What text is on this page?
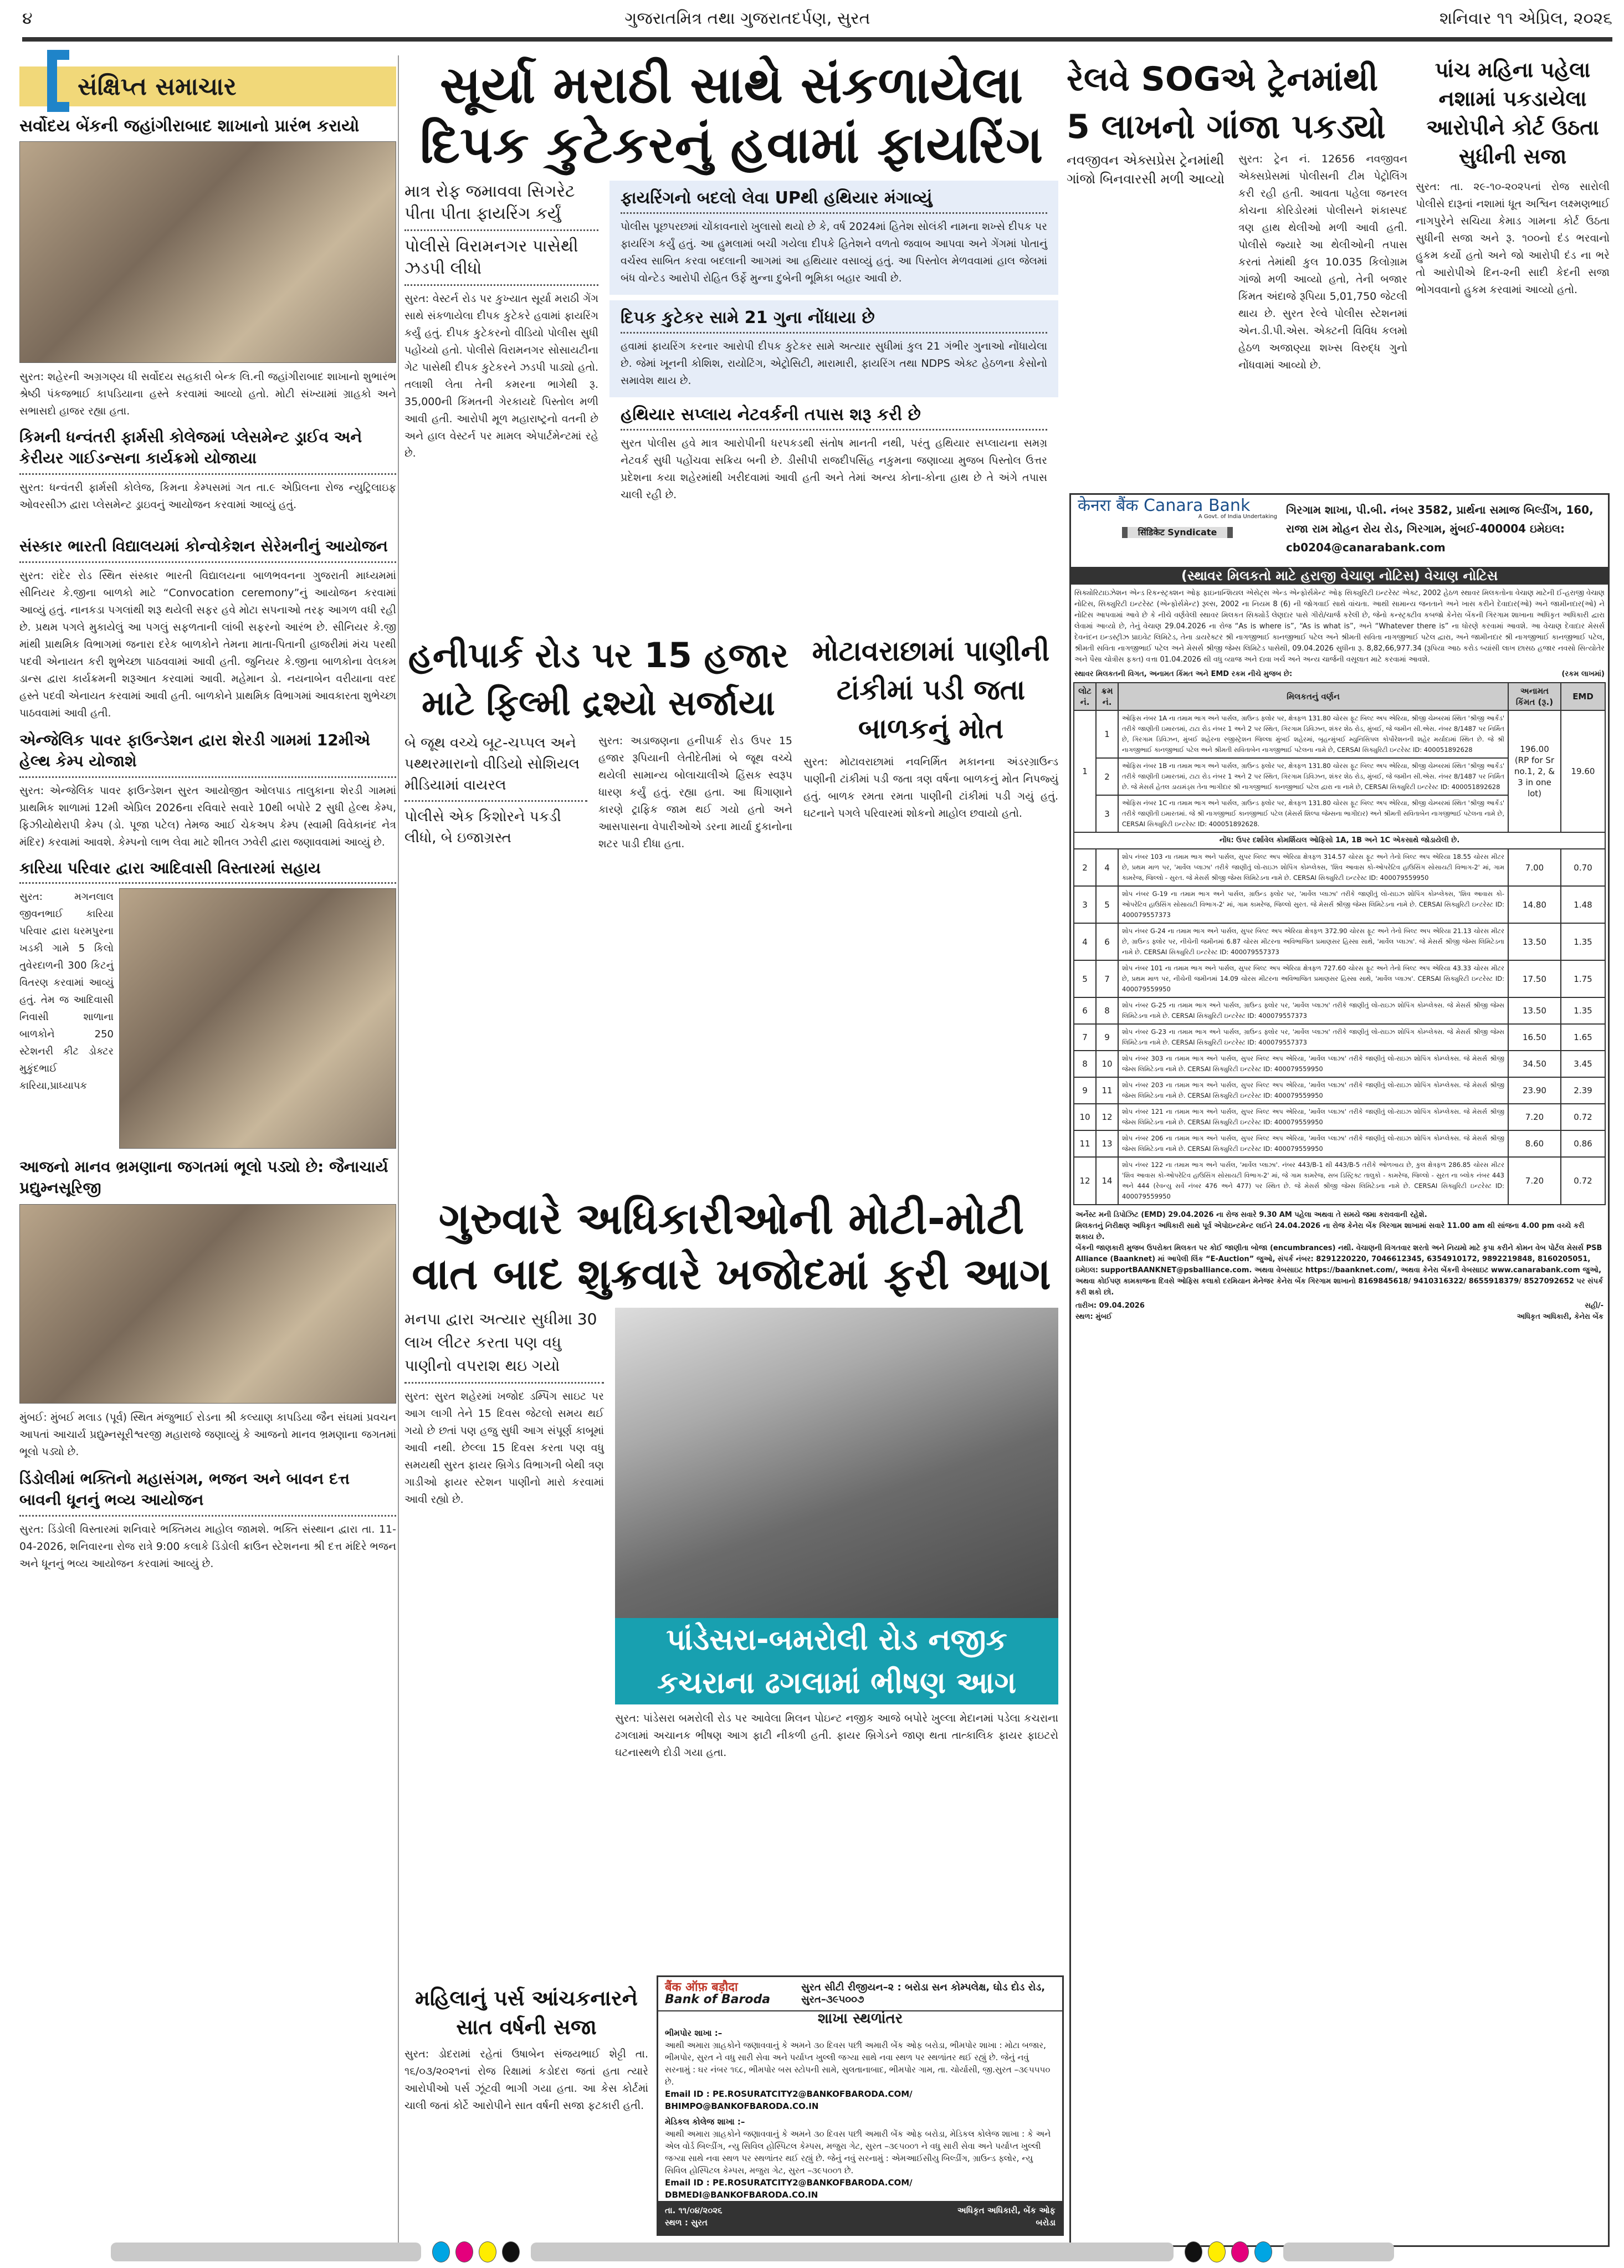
૪	ગુજરાતમિત્ર તથા ગુજરાતદર્પણ, સુરત	શનિવાર ૧૧ એપ્રિલ, ૨૦૨૬
સંક્ષિપ્ત સમાચાર
સર્વોદય બેંકની જહાંગીરાબાદ શાખાનો પ્રારંભ કરાયો

સુરત: શહેરની અગ્રગણ્ય ધી સર્વોદય સહકારી બેન્ક લિ.ની જહાંગીરાબાદ શાખાનો શુભારંભ શ્રેષ્ઠી પંકજભાઈ કાપડિયાના હસ્તે કરવામાં આવ્યો હતો. મોટી સંખ્યામાં ગ્રાહકો અને સભાસદો હાજર રહ્યા હતા.

કિમની ધન્વંતરી ફાર્મસી કોલેજમાં પ્લેસમેન્ટ ડ્રાઈવ અને કેરીયર ગાઈડન્સના કાર્યક્રમો યોજાયા

સુરત: ધન્વંતરી ફાર્મસી કોલેજ, કિમના કેમ્પસમાં ગત તા.૯ એપ્રિલના રોજ ન્યુટ્રિલાઇફ ઓવરસીઝ દ્વારા પ્લેસમેન્ટ ડ્રાઇવનું આયોજન કરવામાં આવ્યું હતું.

સંસ્કાર ભારતી વિદ્યાલયમાં કોન્વોકેશન સેરેમનીનું આયોજન

સુરત: રાંદેર રોડ સ્થિત સંસ્કાર ભારતી વિદ્યાલયના બાળભવનના ગુજરાતી માધ્યમમાં સીનિયર કે.જીના બાળકો માટે “Convocation ceremony”નું આયોજન કરવામાં આવ્યું હતું. નાનકડા પગલાંથી શરૂ થયેલી સફર હવે મોટા સપનાઓ તરફ આગળ વધી રહી છે. પ્રથમ પગલે મુકાયેલું આ પગલું સફળતાની લાંબી સફરનો આરંભ છે. સીનિયર કે.જી માંથી પ્રાથમિક વિભાગમાં જનારા દરેક બાળકોને તેમના માતા-પિતાની હાજરીમાં મંચ પરથી પદવી એનાયત કરી શુભેચ્છા પાઠવવામાં આવી હતી. જુનિયર કે.જીના બાળકોના વેલકમ ડાન્સ દ્વારા કાર્યક્રમની શરૂઆત કરવામાં આવી. મહેમાન ડો. નયનાબેન વરીયાના વરદ હસ્તે પદવી એનાયત કરવામાં આવી હતી. બાળકોને પ્રાથમિક વિભાગમાં આવકારતા શુભેચ્છા પાઠવવામાં આવી હતી.

એન્જેલિક પાવર ફાઉન્ડેશન દ્વારા શેરડી ગામમાં 12મીએ હેલ્થ કેમ્પ યોજાશે

સુરત: એન્જેલિક પાવર ફાઉન્ડેશન સુરત આયોજીત ઓલપાડ તાલુકાના શેરડી ગામમાં પ્રાથમિક શાળામાં 12મી એપ્રિલ 2026ના રવિવારે સવારે 10થી બપોરે 2 સુધી હેલ્થ કેમ્પ, ફિઝીયોથેરાપી કેમ્પ (ડો. પૂજા પટેલ) તેમજ આઈ ચેકઅપ કેમ્પ (સ્વામી વિવેકાનંદ નેત્ર મંદિર) કરવામાં આવશે. કેમ્પનો લાભ લેવા માટે શીતલ ઝવેરી દ્વારા જણાવવામાં આવ્યું છે.

કારિયા પરિવાર દ્વારા આદિવાસી વિસ્તારમાં સહાય

સુરત: મગનલાલ જીવનભાઈ કારિયા પરિવાર દ્વારા ધરમપુરના ખડકી ગામે 5 કિલો તુવેરદાળની 300 કિટનું વિતરણ કરવામાં આવ્યું હતું. તેમ જ આદિવાસી નિવાસી શાળાના બાળકોને 250 સ્ટેશનરી કીટ ડોક્ટર મુકુંદભાઈ કારિયા,પ્રાધ્યાપક

આજનો માનવ ભ્રમણાના જગતમાં ભૂલો પડ્યો છે: જૈનાચાર્ય પ્રદ્યુમ્નસૂરિજી

મુંબઈ: મુંબઈ મલાડ (પૂર્વ) સ્થિત મંજુભાઈ રોડના શ્રી કલ્યાણ કાપડિયા જૈન સંઘમાં પ્રવચન આપતાં આચાર્ય પ્રદ્યુમ્નસૂરીશ્વરજી મહારાજે જણાવ્યું કે આજનો માનવ ભ્રમણાના જગતમાં ભૂલો પડ્યો છે.

ડિંડોલીમાં ભક્તિનો મહાસંગમ, ભજન અને બાવન દત્ત બાવની ધૂનનું ભવ્ય આયોજન

સુરત: ડિંડોલી વિસ્તારમાં શનિવારે ભક્તિમય માહોલ જામશે. ભક્તિ સંસ્થાન દ્વારા તા. 11-04-2026, શનિવારના રોજ રાત્રે 9:00 કલાકે ડિંડોલી ક્રાઉન સ્ટેશનના શ્રી દત્ત મંદિરે ભજન અને ધૂનનું ભવ્ય આયોજન કરવામાં આવ્યું છે.

સૂર્યા મરાઠી સાથે સંકળાયેલા
દિપક કુટેકરનું હવામાં ફાયરિંગ
માત્ર રોફ જમાવવા સિગરેટ પીતા પીતા ફાયરિંગ કર્યું
પોલીસે વિરામનગર પાસેથી ઝડપી લીધો

સુરત: વેસ્ટર્ન રોડ પર કુખ્યાત સૂર્યા મરાઠી ગેંગ સાથે સંકળાયેલા દીપક કુટેકરે હવામાં ફાયરિંગ કર્યું હતું. દીપક કુટેકરનો વીડિયો પોલીસ સુધી પહોંચ્યો હતો. પોલીસે વિરામનગર સોસાયટીના ગેટ પાસેથી દીપક કુટેકરને ઝડપી પાડ્યો હતો. તલાશી લેતા તેની કમરના ભાગેથી રૂ. 35,000ની કિંમતની ગેરકાયદે પિસ્તોલ મળી આવી હતી. આરોપી મૂળ મહારાષ્ટ્રનો વતની છે અને હાલ વેસ્ટર્ન પર મામલ એપાર્ટમેન્ટમાં રહે છે.

ફાયરિંગનો બદલો લેવા UPથી હથિયાર મંગાવ્યું

પોલીસ પૂછપરછમાં ચોંકાવનારો ખુલાસો થયો છે કે, વર્ષ 2024માં હિતેશ સોલંકી નામના શખ્સે દીપક પર ફાયરિંગ કર્યું હતું. આ હુમલામાં બચી ગયેલા દીપકે હિતેશને વળતો જવાબ આપવા અને ગેંગમાં પોતાનું વર્ચસ્વ સાબિત કરવા બદલાની આગમાં આ હથિયાર વસાવ્યું હતું. આ પિસ્તોલ મેળવવામાં હાલ જેલમાં બંધ વોન્ટેડ આરોપી રોહિત ઉર્ફે મુન્ના દુબેની ભૂમિકા બહાર આવી છે.

દિપક કુટેકર સામે 21 ગુના નોંધાયા છે

હવામાં ફાયરિંગ કરનાર આરોપી દીપક કુટેકર સામે અત્યાર સુધીમાં કુલ 21 ગંભીર ગુનાઓ નોંધાયેલા છે. જેમાં ખૂનની કોશિશ, રાયોટિંગ, એટ્રોસિટી, મારામારી, ફાયરિંગ તથા NDPS એક્ટ હેઠળના કેસોનો સમાવેશ થાય છે.

હથિયાર સપ્લાય નેટવર્કની તપાસ શરૂ કરી છે

સુરત પોલીસ હવે માત્ર આરોપીની ધરપકડથી સંતોષ માનતી નથી, પરંતુ હથિયાર સપ્લાયના સમગ્ર નેટવર્ક સુધી પહોંચવા સક્રિય બની છે. ડીસીપી રાજદીપસિંહ નકુમના જણાવ્યા મુજબ પિસ્તોલ ઉત્તર પ્રદેશના કયા શહેરમાંથી ખરીદવામાં આવી હતી અને તેમાં અન્ય કોના-કોના હાથ છે તે અંગે તપાસ ચાલી રહી છે.

રેલવે SOGએ ટ્રેનમાંથી
5 લાખનો ગાંજા પકડ્યો
નવજીવન એક્સપ્રેસ ટ્રેનમાંથી ગાંજો બિનવારસી મળી આવ્યો

સુરત: ટ્રેન નં. 12656 નવજીવન એક્સપ્રેસમાં પોલીસની ટીમ પેટ્રોલિંગ કરી રહી હતી. આવતા પહેલા જનરલ કોચના કોરિડોરમાં પોલીસને શંકાસ્પદ ત્રણ હાથ થેલીઓ મળી આવી હતી. પોલીસે જ્યારે આ થેલીઓની તપાસ કરતાં તેમાંથી કુલ 10.035 કિલોગ્રામ ગાંજો મળી આવ્યો હતો, તેની બજાર કિંમત અંદાજે રૂપિયા 5,01,750 જેટલી થાય છે. સુરત રેલ્વે પોલીસ સ્ટેશનમાં એન.ડી.પી.એસ. એક્ટની વિવિધ કલમો હેઠળ અજાણ્યા શખ્સ વિરુદ્ધ ગુનો નોંધવામાં આવ્યો છે.

પાંચ મહિના પહેલા નશામાં પકડાયેલા આરોપીને કોર્ટ ઉઠતા સુધીની સજા

સુરત: તા. ૨૯-૧૦-૨૦૨૫નાં રોજ સારોલી પોલીસે દારૂનાં નશામાં ધૂત અશ્વિન લક્ષ્મણભાઈ નાગપુરેને સચિયા કેમાડ ગામના કોર્ટ ઉઠતા સુધીની સજા અને રૂ. ૧૦૦નો દંડ ભરવાનો હુકમ કર્યો હતો અને જો આરોપી દંડ ના ભરે તો આરોપીએ દિન-૨ની સાદી કેદની સજા ભોગવવાનો હુકમ કરવામાં આવ્યો હતો.

હનીપાર્ક રોડ પર 15 હજાર માટે ફિલ્મી દ્રશ્યો સર્જાયા
બે જૂથ વચ્ચે બૂટ-ચપ્પલ અને પથ્થરમારાનો વીડિયો સોશિયલ મીડિયામાં વાયરલ
પોલીસે એક કિશોરને પકડી લીધો, બે ઇજાગ્રસ્ત

સુરત: અડાજણના હનીપાર્ક રોડ ઉપર 15 હજાર રૂપિયાની લેતીદેતીમાં બે જૂથ વચ્ચે થયેલી સામાન્ય બોલાચાલીએ હિંસક સ્વરૂપ ધારણ કર્યું હતું. રહ્યા હતા. આ ધિંગાણાને કારણે ટ્રાફિક જામ થઈ ગયો હતો અને આસપાસના વેપારીઓએ ડરના માર્યા દુકાનોના શટર પાડી દીધા હતા.

મોટાવરાછામાં પાણીની ટાંકીમાં પડી જતા બાળકનું મોત

સુરત: મોટાવરાછામાં નવનિર્મિત મકાનના અંડરગ્રાઉન્ડ પાણીની ટાંકીમાં પડી જતા ત્રણ વર્ષના બાળકનું મોત નિપજ્યું હતું. બાળક રમતા રમતા પાણીની ટાંકીમાં પડી ગયું હતું. ઘટનાને પગલે પરિવારમાં શોકનો માહોલ છવાયો હતો.

ગુરુવારે અધિકારીઓની મોટી-મોટી
વાત બાદ શુક્રવારે ખજોદમાં ફરી આગ
મનપા દ્વારા અત્યાર સુધીમા 30 લાખ લીટર કરતા પણ વધુ પાણીનો વપરાશ થઇ ગયો

સુરત: સુરત શહેરમાં ખજોદ ડમ્પિંગ સાઇટ પર આગ લાગી તેને 15 દિવસ જેટલો સમય થઈ ગયો છે છતાં પણ હજુ સુધી આગ સંપૂર્ણ કાબૂમાં આવી નથી. છેલ્લા 15 દિવસ કરતા પણ વધુ સમયથી સુરત ફાયર બ્રિગેડ વિભાગની બેથી ત્રણ ગાડીઓ ફાયર સ્ટેશન પાણીનો મારો કરવામાં આવી રહ્યો છે.

પાંડેસરા-બમરોલી રોડ નજીક
કચરાના ઢગલામાં ભીષણ આગ

સુરત: પાંડેસરા બમરોલી રોડ પર આવેલા મિલન પોઇન્ટ નજીક આજે બપોરે ખુલ્લા મેદાનમાં પડેલા કચરાના ઢગલામાં અચાનક ભીષણ આગ ફાટી નીકળી હતી. ફાયર બ્રિગેડને જાણ થતા તાત્કાલિક ફાયર ફાઇટરો ઘટનાસ્થળે દોડી ગયા હતા.

મહિલાનું પર્સ આંચકનારને સાત વર્ષની સજા

સુરત: ડોદરામાં રહેતાં ઉષાબેન સંજયભાઈ શેટ્ટી તા. ૧૬/૦૩/૨૦૨૧નાં રોજ રિક્ષામાં કડોદરા જતાં હતા ત્યારે આરોપીઓ પર્સ ઝૂંટવી ભાગી ગયા હતા. આ કેસ કોર્ટમાં ચાલી જતાં કોર્ટે આરોપીને સાત વર્ષની સજા ફટકારી હતી.

बैंक ऑफ़ बड़ौदा
Bank of Baroda
સુરત સીટી રીજીયન–૨ : બરોડા સન કોમ્પલેક્ષ, ઘોડ દોડ રોડ, સુરત–૩૯૫૦૦૭
શાખા સ્થળાંતર
ભીમપોર શાખા :–
આથી અમારા ગ્રાહકોને જણાવવાનું કે અમને ૩૦ દિવસ પછી અમારી બેંક ઓફ બરોડા, ભીમપોર શાખા : મોટા બજાર, ભીમપોર, સુરત ને વધુ સારી સેવા અને પર્યાપ્ત ખુલ્લી જગ્યા સાથે નવા સ્થળ પર સ્થળાંતર થઈ રહ્યું છે. જેનું નવું સરનામું : ઘર નંબર ૧૬૮, ભીમપોર બસ સ્ટોપની સામે, સુલતાનાબાદ, ભીમપોર ગામ, તા. ચોર્યાસી, જી.સુરત –૩૯૫૫૫૦ છે.
Email ID : PE.ROSURATCITY2@BANKOFBARODA.COM/ BHIMPO@BANKOFBARODA.CO.IN
મેડિકલ કોલેજ શાખા :–
આથી અમારા ગ્રાહકોને જણાવવાનું કે અમને ૩૦ દિવસ પછી અમારી બેંક ઓફ બરોડા, મેડિકલ કોલેજ શાખા : કે અને એલ વોર્ડ બિલ્ડીંગ, ન્યુ સિવિલ હોસ્પિટલ કેમ્પસ, મજુરા ગેટ, સુરત –૩૯૫૦૦૧ ને વધુ સારી સેવા અને પર્યાપ્ત ખુલ્લી જગ્યા સાથે નવા સ્થળ પર સ્થળાંતર થઈ રહ્યું છે. જેનું નવું સરનામું : એમઆઈસીયુ બિલ્ડીંગ, ગ્રાઉન્ડ ફ્લોર, ન્યુ સિવિલ હોસ્પિટલ કેમ્પસ, મજુરા ગેટ, સુરત –૩૯૫૦૦૧ છે.
Email ID : PE.ROSURATCITY2@BANKOFBARODA.COM/ DBMEDI@BANKOFBARODA.CO.IN
તા. ૧૧/૦૪/૨૦૨૬
સ્થળ : સુરત
અધિકૃત અધિકારી, બેંક ઓફ બરોડા
केनरा बैंक Canara Bank
A Govt. of India Undertaking
सिंडिकेट Syndicate
ગિરગામ શાખા, પી.બી. નંબર 3582, પ્રાર્થના સમાજ બિલ્ડીંગ, 160, રાજા રામ મોહન રોય રોડ, ગિરગામ, મુંબઈ-400004 ઇમેઇલ: cb0204@canarabank.com
(સ્થાવર મિલકતો માટે હરાજી વેચાણ નોટિસ) વેચાણ નોટિસ
સિક્યોરિટાઇઝેશન એન્ડ રિકન્સ્ટ્રક્શન ઓફ ફાઇનાન્શિયલ એસેટ્સ એન્ડ એન્ફોર્સમેન્ટ ઓફ સિક્યુરિટી ઇન્ટરેસ્ટ એક્ટ, 2002 હેઠળ સ્થાવર મિલકતોના વેચાણ માટેની ઈ-હરાજી વેચાણ નોટિસ, સિક્યુરિટી ઇન્ટરેસ્ટ (એન્ફોર્સમેન્ટ) રૂલ્સ, 2002 ના નિયમ 8 (6) ની જોગવાઈ સાથે વાંચતા. આથી સામાન્ય જનતાને અને ખાસ કરીને દેવાદાર(ઓ) અને જામીનદાર(ઓ) ને નોટિસ આપવામાં આવે છે કે નીચે વર્ણવેલી સ્થાવર મિલકત સિક્યોર્ડ લેણદાર પાસે ગીરો/ચાર્જ કરેલી છે, જેનો કન્સ્ટ્રક્ટીવ કબજો કેનેરા બેંકની ગિરગામ શાખાના અધિકૃત અધિકારી દ્વારા લેવામાં આવ્યો છે, તેનું વેચાણ 29.04.2026 ના રોજ “As is where is”, “As is what is”, અને “Whatever there is” ના ધોરણે કરવામાં આવશે. આ વેચાણ દેવાદાર મેસર્સ દેવનંદન ઇન્ડસ્ટ્રીઝ પ્રાઇવેટ લિમિટેડ, તેના ડાયરેક્ટર શ્રી નાગજીભાઈ કાનજીભાઈ પટેલ અને શ્રીમતી સવિતા નાગજીભાઈ પટેલ દ્વારા, અને જામીનદાર શ્રી નાગજીભાઈ કાનજીભાઈ પટેલ, શ્રીમતી સવિતા નાગજીભાઈ પટેલ અને મેસર્સ શ્રીજી જેમ્સ લિમિટેડ પાસેથી, 09.04.2026 સુધીના રૂ. 8,82,66,977.34 (રૂપિયા આઠ કરોડ બ્યાંસી લાખ છાસઠ હજાર નવસો સિત્યોતેર અને પૈસા ચોત્રીસ ફક્ત) વત્તા 01.04.2026 થી વધુ વ્યાજ અને દાવા ખર્ચ અને અન્ય ચાર્જની વસૂલાત માટે કરવામાં આવશે.
સ્થાવર મિલકતની વિગત, અનામત કિંમત અને EMD રકમ નીચે મુજબ છે:	(રકમ લાખમાં)
લોટ નં.	ક્રમ નં.	મિલકતનું વર્ણન	અનામત કિંમત (રૂ.)	EMD
1	1	ઓફિસ નંબર 1A ના તમામ ભાગ અને પાર્સલ, ગ્રાઉન્ડ ફ્લોર પર, ક્ષેત્રફળ 131.80 ચોરસ ફૂટ બિલ્ટ અપ એરિયા, શ્રીજી ચેમ્બરમાં સ્થિત 'શ્રીજી આર્કેડ' તરીકે જાણીતી ઇમારતમાં, ટાટા રોડ નંબર 1 અને 2 પર સ્થિત, ગિરગામ ડિવિઝન, શંકર શેઠ રોડ, મુંબઈ, જે જમીન સી.એસ. નંબર 8/1487 પર નિર્મિત છે, ગિરગામ ડિવિઝન, મુંબઈ શહેરના રજીસ્ટ્રેશન જિલ્લા મુંબઈ શહેરમાં, બૃહન્મુંબઈ મ્યુનિસિપલ કોર્પોરેશનની શહેર મર્યાદામાં સ્થિત છે. જે શ્રી નાગજીભાઈ કાનજીભાઈ પટેલ અને શ્રીમતી સવિતાબેન નાગજીભાઈ પટેલના નામે છે, CERSAI સિક્યુરિટી ઇન્ટરેસ્ટ ID: 400051892628	196.00 (RP for Sr no.1, 2, & 3 in one lot)	19.60
	2	ઓફિસ નંબર 1B ના તમામ ભાગ અને પાર્સલ, ગ્રાઉન્ડ ફ્લોર પર, ક્ષેત્રફળ 131.80 ચોરસ ફૂટ બિલ્ટ અપ એરિયા, શ્રીજી ચેમ્બરમાં સ્થિત 'શ્રીજી આર્કેડ' તરીકે જાણીતી ઇમારતમાં, ટાટા રોડ નંબર 1 અને 2 પર સ્થિત, ગિરગામ ડિવિઝન, શંકર શેઠ રોડ, મુંબઈ, જે જમીન સી.એસ. નંબર 8/1487 પર નિર્મિત છે. જે મેસર્સ હેતલ ડાયમંડ્સ તેના ભાગીદાર શ્રી નાગજીભાઈ કાનજીભાઈ પટેલ દ્વારા ના નામે છે, CERSAI સિક્યુરિટી ઇન્ટરેસ્ટ ID: 400051892628		
	3	ઓફિસ નંબર 1C ના તમામ ભાગ અને પાર્સલ, ગ્રાઉન્ડ ફ્લોર પર, ક્ષેત્રફળ 131.80 ચોરસ ફૂટ બિલ્ટ અપ એરિયા, શ્રીજી ચેમ્બરમાં સ્થિત 'શ્રીજી આર્કેડ' તરીકે જાણીતી ઇમારતમાં. જે શ્રી નાગજીભાઈ કાનજીભાઈ પટેલ (મેસર્સ શિલ્પા જેમ્સના ભાગીદાર) અને શ્રીમતી સવિતાબેન નાગજીભાઈ પટેલના નામે છે, CERSAI સિક્યુરિટી ઇન્ટરેસ્ટ ID: 400051892628.		
નોંધ: ઉપર દર્શાવેલ કોમર્શિયલ ઓફિસો 1A, 1B અને 1C એકસાથે જોડાયેલી છે.				
2	4	શોપ નંબર 103 ના તમામ ભાગ અને પાર્સલ, સુપર બિલ્ટ અપ એરિયા ક્ષેત્રફળ 314.57 ચોરસ ફૂટ અને તેનો બિલ્ટ અપ એરિયા 18.55 ચોરસ મીટર છે, પ્રથમ માળ પર, 'માર્વેલ પ્લાઝા' તરીકે જાણીતું લો-રાઇઝ શોપિંગ કોમ્પ્લેક્સ, 'શિવ આવાસ કો-ઓપરેટિવ હાઉસિંગ સોસાયટી વિભાગ-2' માં, ગામ કામરેજ, જિલ્લો - સુરત. જે મેસર્સ શ્રીજી જેમ્સ લિમિટેડના નામે છે. CERSAI સિક્યુરિટી ઇન્ટરેસ્ટ ID: 400079559950	7.00	0.70
3	5	શોપ નંબર G-19 ના તમામ ભાગ અને પાર્સલ, ગ્રાઉન્ડ ફ્લોર પર, 'માર્વેલ પ્લાઝા' તરીકે જાણીતું લો-રાઇઝ શોપિંગ કોમ્પ્લેક્સ, 'શિવ આવાસ કો-ઓપરેટિવ હાઉસિંગ સોસાયટી વિભાગ-2' માં, ગામ કામરેજ, જિલ્લો સુરત. જે મેસર્સ શ્રીજી જેમ્સ લિમિટેડના નામે છે. CERSAI સિક્યુરિટી ઇન્ટરેસ્ટ ID: 400079557373	14.80	1.48
4	6	શોપ નંબર G-24 ના તમામ ભાગ અને પાર્સલ, સુપર બિલ્ટ અપ એરિયા ક્ષેત્રફળ 372.90 ચોરસ ફૂટ અને તેનો બિલ્ટ અપ એરિયા 21.13 ચોરસ મીટર છે, ગ્રાઉન્ડ ફ્લોર પર, નીચેની જમીનમાં 6.87 ચોરસ મીટરના અવિભાજિત પ્રમાણસર હિસ્સા સાથે, 'માર્વેલ પ્લાઝા'. જે મેસર્સ શ્રીજી જેમ્સ લિમિટેડના નામે છે. CERSAI સિક્યુરિટી ઇન્ટરેસ્ટ ID: 400079557373	13.50	1.35
5	7	શોપ નંબર 101 ના તમામ ભાગ અને પાર્સલ, સુપર બિલ્ટ અપ એરિયા ક્ષેત્રફળ 727.60 ચોરસ ફૂટ અને તેનો બિલ્ટ અપ એરિયા 43.33 ચોરસ મીટર છે, પ્રથમ માળ પર, નીચેની જમીનમાં 14.09 ચોરસ મીટરના અવિભાજિત પ્રમાણસર હિસ્સા સાથે, 'માર્વેલ પ્લાઝા'. CERSAI સિક્યુરિટી ઇન્ટરેસ્ટ ID: 400079559950	17.50	1.75
6	8	શોપ નંબર G-25 ના તમામ ભાગ અને પાર્સલ, ગ્રાઉન્ડ ફ્લોર પર, 'માર્વેલ પ્લાઝા' તરીકે જાણીતું લો-રાઇઝ શોપિંગ કોમ્પ્લેક્સ. જે મેસર્સ શ્રીજી જેમ્સ લિમિટેડના નામે છે. CERSAI સિક્યુરિટી ઇન્ટરેસ્ટ ID: 400079557373	13.50	1.35
7	9	શોપ નંબર G-23 ના તમામ ભાગ અને પાર્સલ, ગ્રાઉન્ડ ફ્લોર પર, 'માર્વેલ પ્લાઝા' તરીકે જાણીતું લો-રાઇઝ શોપિંગ કોમ્પ્લેક્સ. જે મેસર્સ શ્રીજી જેમ્સ લિમિટેડના નામે છે. CERSAI સિક્યુરિટી ઇન્ટરેસ્ટ ID: 400079557373	16.50	1.65
8	10	શોપ નંબર 303 ના તમામ ભાગ અને પાર્સલ, સુપર બિલ્ટ અપ એરિયા, 'માર્વેલ પ્લાઝા' તરીકે જાણીતું લો-રાઇઝ શોપિંગ કોમ્પ્લેક્સ. જે મેસર્સ શ્રીજી જેમ્સ લિમિટેડના નામે છે. CERSAI સિક્યુરિટી ઇન્ટરેસ્ટ ID: 400079559950	34.50	3.45
9	11	શોપ નંબર 203 ના તમામ ભાગ અને પાર્સલ, સુપર બિલ્ટ અપ એરિયા, 'માર્વેલ પ્લાઝા' તરીકે જાણીતું લો-રાઇઝ શોપિંગ કોમ્પ્લેક્સ. જે મેસર્સ શ્રીજી જેમ્સ લિમિટેડના નામે છે. CERSAI સિક્યુરિટી ઇન્ટરેસ્ટ ID: 400079559950	23.90	2.39
10	12	શોપ નંબર 121 ના તમામ ભાગ અને પાર્સલ, સુપર બિલ્ટ અપ એરિયા, 'માર્વેલ પ્લાઝા' તરીકે જાણીતું લો-રાઇઝ શોપિંગ કોમ્પ્લેક્સ. જે મેસર્સ શ્રીજી જેમ્સ લિમિટેડના નામે છે. CERSAI સિક્યુરિટી ઇન્ટરેસ્ટ ID: 400079559950	7.20	0.72
11	13	શોપ નંબર 206 ના તમામ ભાગ અને પાર્સલ, સુપર બિલ્ટ અપ એરિયા, 'માર્વેલ પ્લાઝા' તરીકે જાણીતું લો-રાઇઝ શોપિંગ કોમ્પ્લેક્સ. જે મેસર્સ શ્રીજી જેમ્સ લિમિટેડના નામે છે. CERSAI સિક્યુરિટી ઇન્ટરેસ્ટ ID: 400079559950	8.60	0.86
12	14	શોપ નંબર 122 ના તમામ ભાગ અને પાર્સલ, 'માર્વેલ પ્લાઝા'. નંબર 443/B-1 થી 443/B-5 તરીકે ઓળખાય છે, કુલ ક્ષેત્રફળ 286.85 ચોરસ મીટર 'શિવ આવાસ કો-ઓપરેટિવ હાઉસિંગ સોસાયટી વિભાગ-2' માં, જે ગામ કામરેજ, સબ ડિસ્ટ્રિક્ટ તાલુકો - કામરેજ, જિલ્લો - સુરત ના બ્લોક નંબર 443 અને 444 (રેવન્યુ સર્વે નંબર 476 અને 477) પર સ્થિત છે. જે મેસર્સ શ્રીજી જેમ્સ લિમિટેડના નામે છે. CERSAI સિક્યુરિટી ઇન્ટરેસ્ટ ID: 400079559950	7.20	0.72
અર્નેસ્ટ મની ડિપોઝિટ (EMD) 29.04.2026 ના રોજ સવારે 9.30 AM પહેલા અથવા તે સમયે જમા કરાવવાની રહેશે.
મિલકતનું નિરીક્ષણ અધિકૃત અધિકારી સાથે પૂર્વ એપોઇન્ટમેન્ટ લઈને 24.04.2026 ના રોજ કેનેરા બેંક ગિરગામ શાખામાં સવારે 11.00 am થી સાંજના 4.00 pm વચ્ચે કરી શકાય છે.
બેંકની જાણકારી મુજબ ઉપરોક્ત મિલકત પર કોઈ જાણીતા બોજા (encumbrances) નથી. વેચાણની વિગતવાર શરતો અને નિયમો માટે કૃપા કરીને કોમન વેબ પોર્ટલ મેસર્સ PSB Alliance (Baanknet) માં આપેલી લિંક “E-Auction” જુઓ, સંપર્ક નંબર: 8291220220, 7046612345, 6354910172, 9892219848, 8160205051, ઇમેઇલ: supportBAANKNET@psballiance.com. અથવા વેબસાઇટ https://baanknet.com/, અથવા કેનેરા બેંકની વેબસાઇટ www.canarabank.com જુઓ, અથવા કોઈપણ કામકાજના દિવસે ઓફિસ કલાકો દરમિયાન મેનેજર કેનેરા બેંક ગિરગામ શાખાનો 8169845618/ 9410316322/ 8655918379/ 8527092652 પર સંપર્ક કરી શકો છો.
તારીખ: 09.04.2026
સ્થળ: મુંબઈ
સહી/-
અધિકૃત અધિકારી, કેનેરા બેંક
